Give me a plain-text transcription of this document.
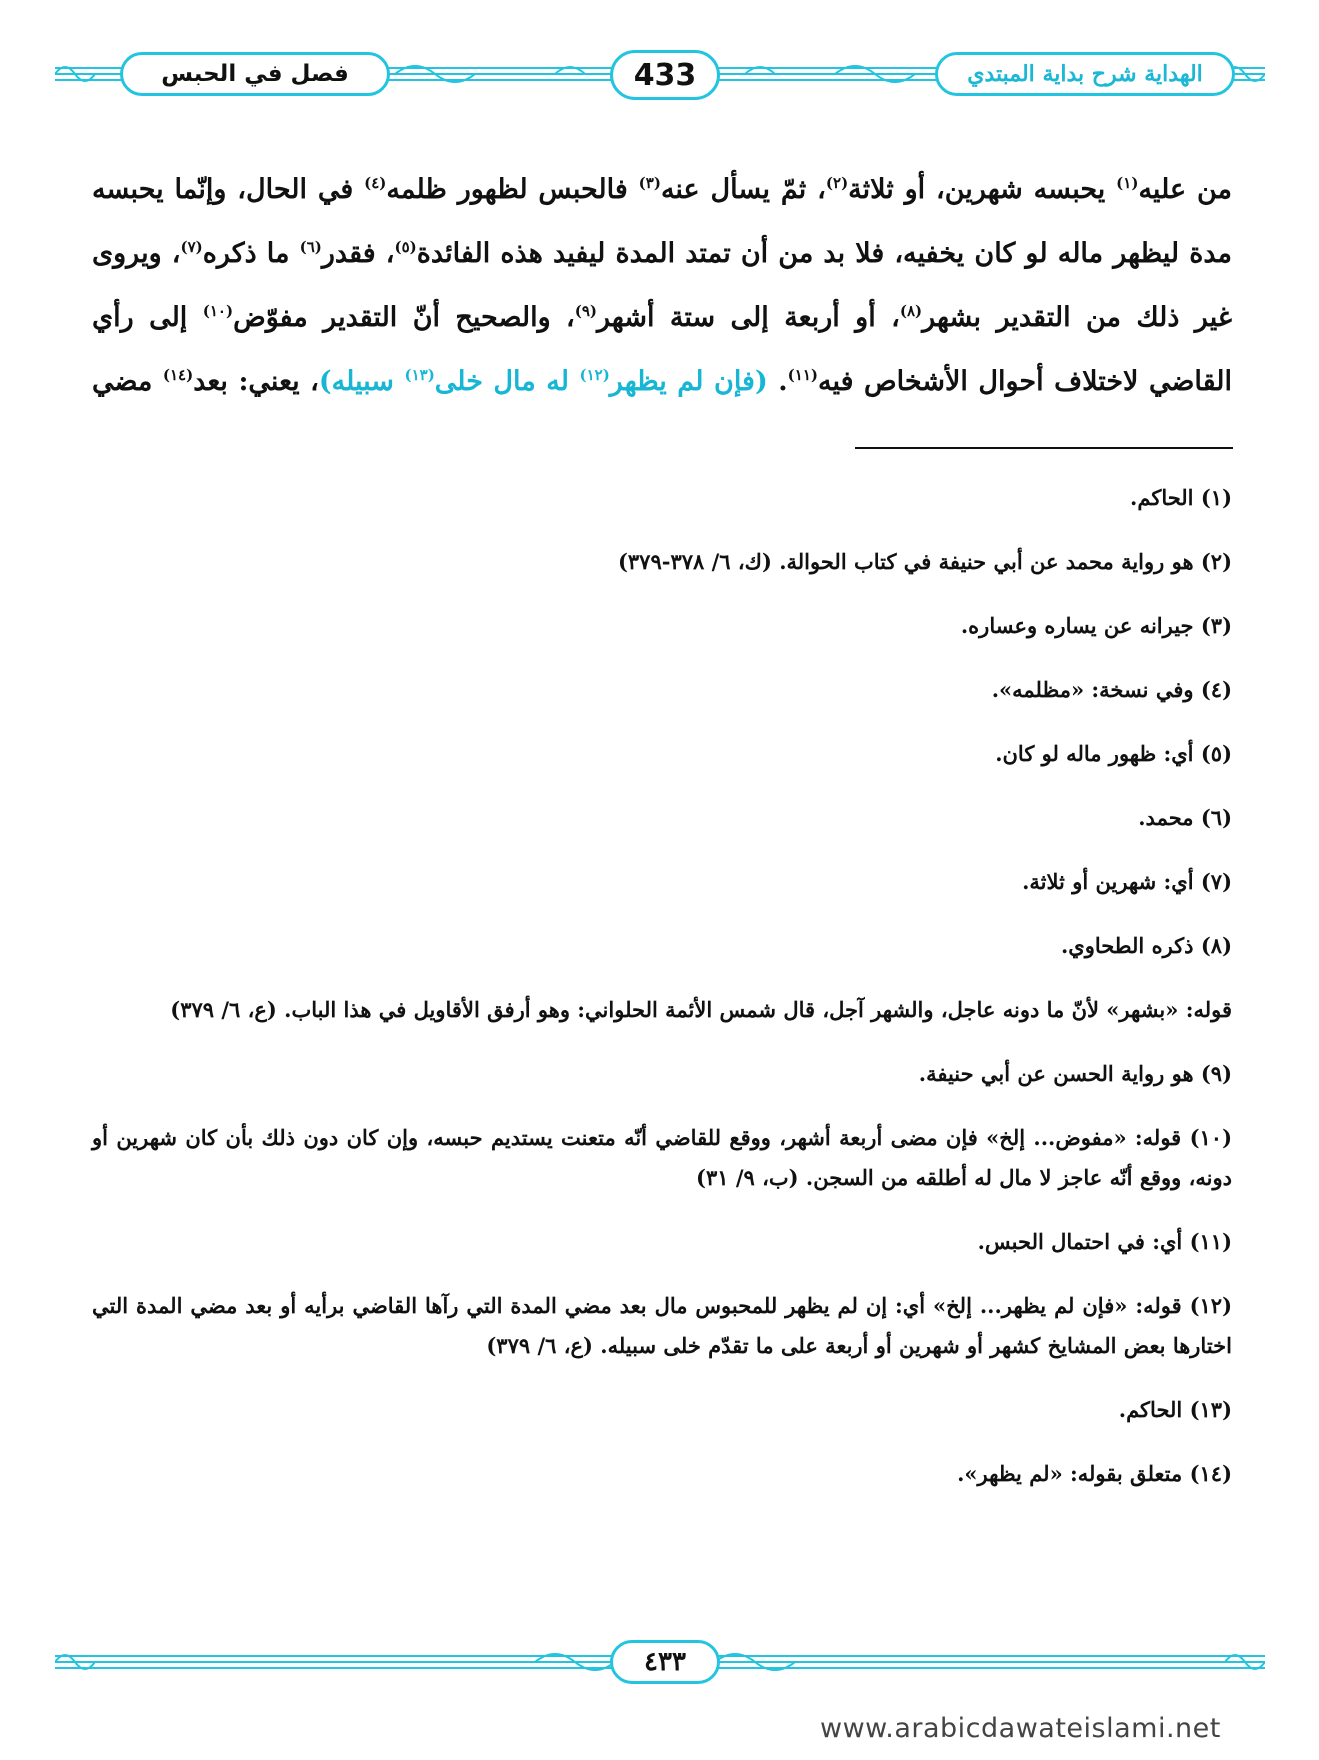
فصل في الحبس	433	الهداية شرح بداية المبتدي

من عليه$^{(١)}$ يحبسه شهرين، أو ثلاثة$^{(٢)}$، ثمّ يسأل عنه$^{(٣)}$ فالحبس لظهور ظلمه$^{(٤)}$ في الحال، وإنّما يحبسه

مدة ليظهر ماله لو كان يخفيه، فلا بد من أن تمتد المدة ليفيد هذه الفائدة$^{(٥)}$، فقدر$^{(٦)}$ ما ذكره$^{(٧)}$، ويروى

غير ذلك من التقدير بشهر$^{(٨)}$، أو أربعة إلى ستة أشهر$^{(٩)}$، والصحيح أنّ التقدير مفوّض$^{(١٠)}$ إلى رأي

القاضي لاختلاف أحوال الأشخاص فيه$^{(١١)}$. (فإن لم يظهر$^{(١٢)}$ له مال خلى$^{(١٣)}$ سبيله)، يعني: بعد$^{(١٤)}$ مضي

(١) الحاكم.

(٢) هو رواية محمد عن أبي حنيفة في كتاب الحوالة. (ك، ٦/ ٣٧٨-٣٧٩)

(٣) جيرانه عن يساره وعساره.

(٤) وفي نسخة: «مظلمه».

(٥) أي: ظهور ماله لو كان.

(٦) محمد.

(٧) أي: شهرين أو ثلاثة.

(٨) ذكره الطحاوي.

قوله: «بشهر» لأنّ ما دونه عاجل، والشهر آجل، قال شمس الأئمة الحلواني: وهو أرفق الأقاويل في هذا الباب. (ع، ٦/ ٣٧٩)

(٩) هو رواية الحسن عن أبي حنيفة.

(١٠) قوله: «مفوض... إلخ» فإن مضى أربعة أشهر، ووقع للقاضي أنّه متعنت يستديم حبسه، وإن كان دون ذلك بأن كان شهرين أو دونه، ووقع أنّه عاجز لا مال له أطلقه من السجن. (ب، ٩/ ٣١)

(١١) أي: في احتمال الحبس.

(١٢) قوله: «فإن لم يظهر... إلخ» أي: إن لم يظهر للمحبوس مال بعد مضي المدة التي رآها القاضي برأيه أو بعد مضي المدة التي اختارها بعض المشايخ كشهر أو شهرين أو أربعة على ما تقدّم خلى سبيله. (ع، ٦/ ٣٧٩)

(١٣) الحاكم.

(١٤) متعلق بقوله: «لم يظهر».

٤٣٣
www.arabicdawateislami.net
